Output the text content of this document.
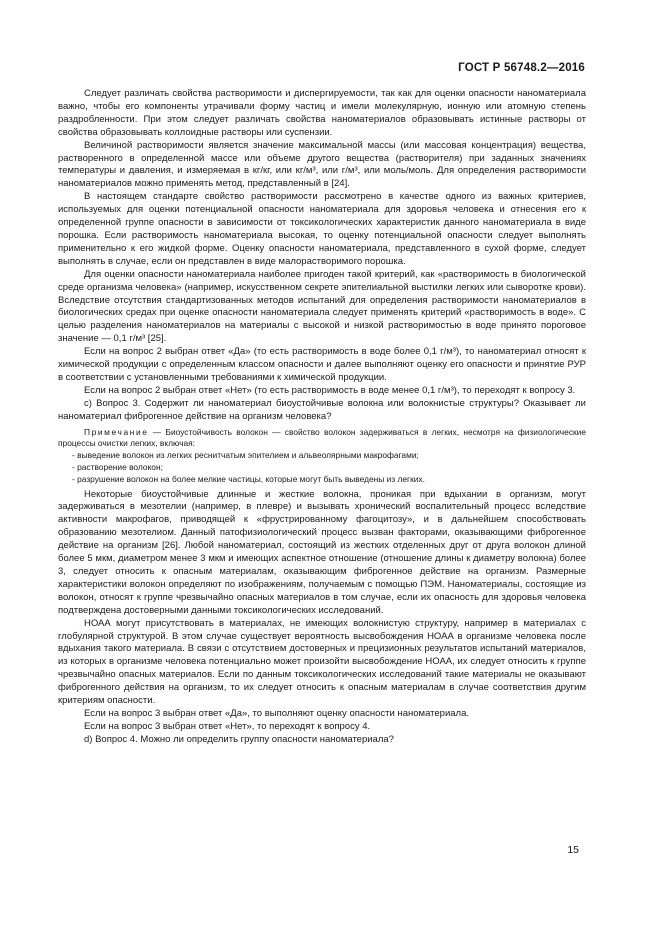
ГОСТ Р 56748.2—2016

Следует различать свойства растворимости и диспергируемости, так как для оценки опасности наноматериала важно, чтобы его компоненты утрачивали форму частиц и имели молекулярную, ионную или атомную степень раздробленности. При этом следует различать свойства наноматериалов образовывать истинные растворы от свойства образовывать коллоидные растворы или суспензии.

Величиной растворимости является значение максимальной массы (или массовая концентрация) вещества, растворенного в определенной массе или объеме другого вещества (растворителя) при заданных значениях температуры и давления, и измеряемая в кг/кг, или кг/м³, или г/м³, или моль/моль. Для определения растворимости наноматериалов можно применять метод, представленный в [24].

В настоящем стандарте свойство растворимости рассмотрено в качестве одного из важных критериев, используемых для оценки потенциальной опасности наноматериала для здоровья человека и отнесения его к определенной группе опасности в зависимости от токсикологических характеристик данного наноматериала в виде порошка. Если растворимость наноматериала высокая, то оценку потенциальной опасности следует выполнять применительно к его жидкой форме. Оценку опасности наноматериала, представленного в сухой форме, следует выполнять в случае, если он представлен в виде малорастворимого порошка.

Для оценки опасности наноматериала наиболее пригоден такой критерий, как «растворимость в биологической среде организма человека» (например, искусственном секрете эпителиальной выстилки легких или сыворотке крови). Вследствие отсутствия стандартизованных методов испытаний для определения растворимости наноматериалов в биологических средах при оценке опасности наноматериала следует применять критерий «растворимость в воде». С целью разделения наноматериалов на материалы с высокой и низкой растворимостью в воде принято пороговое значение — 0,1 г/м³ [25].

Если на вопрос 2 выбран ответ «Да» (то есть растворимость в воде более 0,1 г/м³), то наноматериал относят к химической продукции с определенным классом опасности и далее выполняют оценку его опасности и принятие РУР в соответствии с установленными требованиями к химической продукции.

Если на вопрос 2 выбран ответ «Нет» (то есть растворимость в воде менее 0,1 г/м³), то переходят к вопросу 3.

с) Вопрос 3. Содержит ли наноматериал биоустойчивые волокна или волокнистые структуры? Оказывает ли наноматериал фиброгенное действие на организм человека?

Примечание — Биоустойчивость волокон — свойство волокон задерживаться в легких, несмотря на физиологические процессы очистки легких, включая:

- выведение волокон из легких реснитчатым эпителием и альвеолярными макрофагами;
- растворение волокон;
- разрушение волокон на более мелкие частицы, которые могут быть выведены из легких.

Некоторые биоустойчивые длинные и жесткие волокна, проникая при вдыхании в организм, могут задерживаться в мезотелии (например, в плевре) и вызывать хронический воспалительный процесс вследствие активности макрофагов, приводящей к «фрустрированному фагоцитозу», и в дальнейшем способствовать образованию мезотелиом. Данный патофизиологический процесс вызван факторами, оказывающими фиброгенное действие на организм [26]. Любой наноматериал, состоящий из жестких отделенных друг от друга волокон длиной более 5 мкм, диаметром менее 3 мкм и имеющих аспектное отношение (отношение длины к диаметру волокна) более 3, следует относить к опасным материалам, оказывающим фиброгенное действие на организм. Размерные характеристики волокон определяют по изображениям, получаемым с помощью ПЭМ. Наноматериалы, состоящие из волокон, относят к группе чрезвычайно опасных материалов в том случае, если их опасность для здоровья человека подтверждена достоверными данными токсикологических исследований.

НОАА могут присутствовать в материалах, не имеющих волокнистую структуру, например в материалах с глобулярной структурой. В этом случае существует вероятность высвобождения НОАА в организме человека после вдыхания такого материала. В связи с отсутствием достоверных и прецизионных результатов испытаний материалов, из которых в организме человека потенциально может произойти высвобождение НОАА, их следует относить к группе чрезвычайно опасных материалов. Если по данным токсикологических исследований такие материалы не оказывают фиброгенного действия на организм, то их следует относить к опасным материалам в случае соответствия другим критериям опасности.

Если на вопрос 3 выбран ответ «Да», то выполняют оценку опасности наноматериала.

Если на вопрос 3 выбран ответ «Нет», то переходят к вопросу 4.

d) Вопрос 4. Можно ли определить группу опасности наноматериала?

15
